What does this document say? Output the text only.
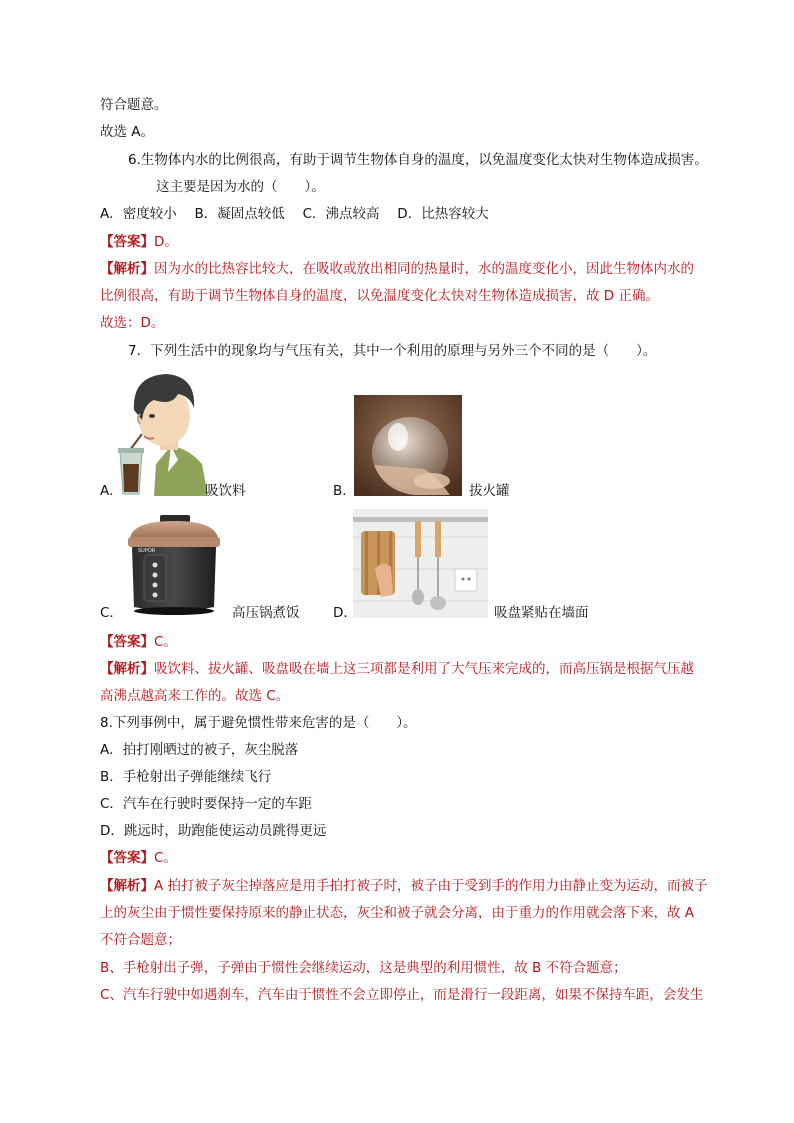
符合题意。
故选 A。
6.生物体内水的比例很高，有助于调节生物体自身的温度，以免温度变化太快对生物体造成损害。
这主要是因为水的（　　）。
A．密度较小　 B．凝固点较低　 C．沸点较高　 D．比热容较大
【答案】D。
【解析】因为水的比热容比较大，在吸收或放出相同的热量时，水的温度变化小，因此生物体内水的
比例很高，有助于调节生物体自身的温度，以免温度变化太快对生物体造成损害，故 D 正确。
故选：D。
7．下列生活中的现象均与气压有关，其中一个利用的原理与另外三个不同的是（　　）。
A．	吸饮料	B．	拔火罐
SUPOR
C．	高压锅煮饭 D．	吸盘紧贴在墙面
【答案】C。
【解析】吸饮料、拔火罐、吸盘吸在墙上这三项都是利用了大气压来完成的，而高压锅是根据气压越
高沸点越高来工作的。故选 C。
8.下列事例中，属于避免惯性带来危害的是（　　）。
A．拍打刚晒过的被子，灰尘脱落
B．手枪射出子弹能继续飞行
C．汽车在行驶时要保持一定的车距
D．跳远时，助跑能使运动员跳得更远
【答案】C。
【解析】A 拍打被子灰尘掉落应是用手拍打被子时，被子由于受到手的作用力由静止变为运动，而被子
上的灰尘由于惯性要保持原来的静止状态，灰尘和被子就会分离，由于重力的作用就会落下来，故 A
不符合题意；
B、手枪射出子弹，子弹由于惯性会继续运动，这是典型的利用惯性，故 B 不符合题意；
C、汽车行驶中如遇刹车，汽车由于惯性不会立即停止，而是滑行一段距离，如果不保持车距，会发生
